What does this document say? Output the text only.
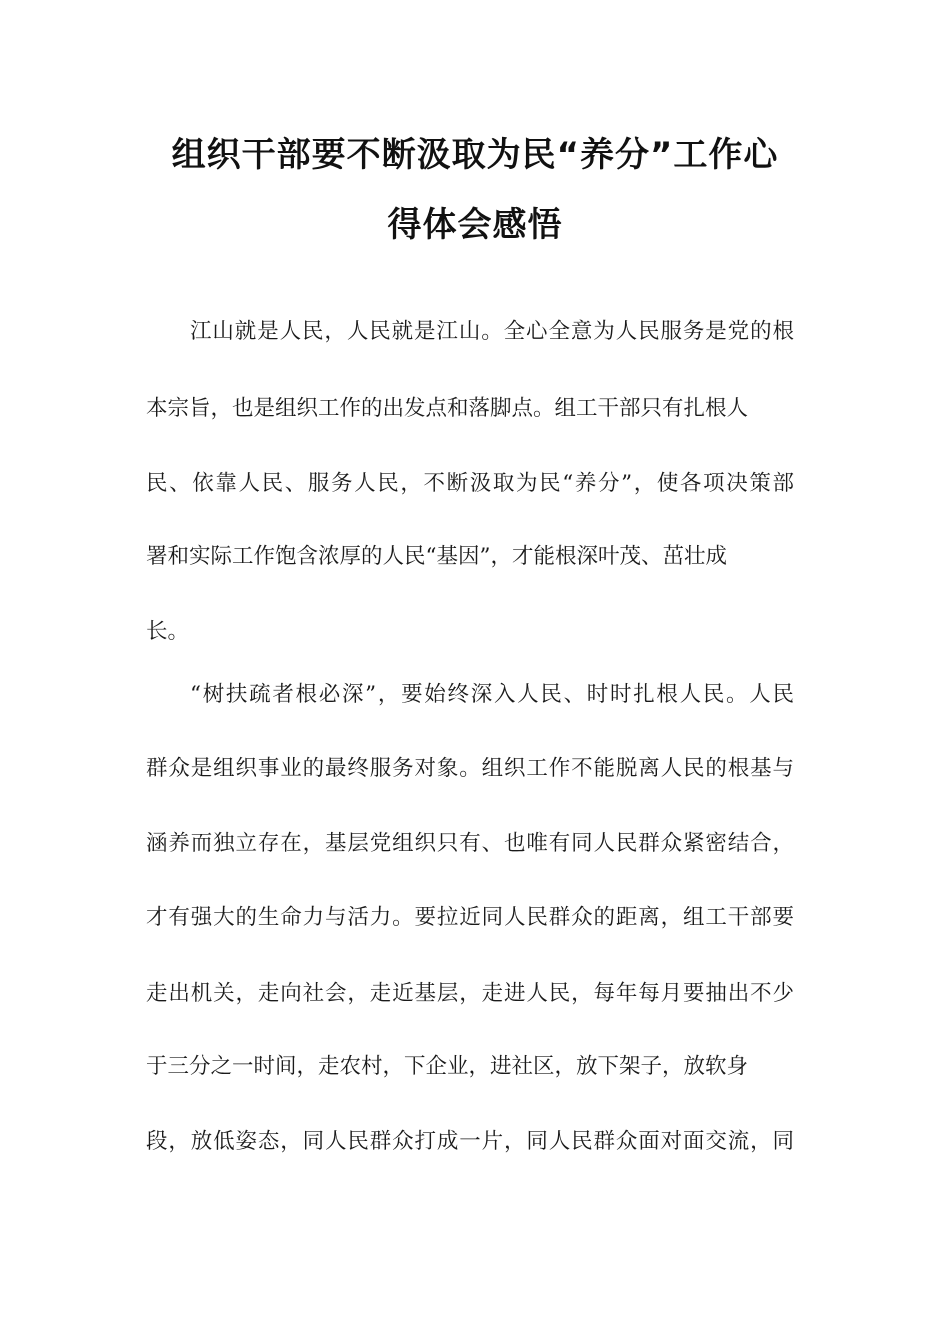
组织干部要不断汲取为民“养分”工作心
得体会感悟
江山就是人民，人民就是江山。全心全意为人民服务是党的根
本宗旨，也是组织工作的出发点和落脚点。组工干部只有扎根人
民、依靠人民、服务人民，不断汲取为民“养分”，使各项决策部
署和实际工作饱含浓厚的人民“基因”，才能根深叶茂、茁壮成
长。
“树扶疏者根必深”，要始终深入人民、时时扎根人民。人民
群众是组织事业的最终服务对象。组织工作不能脱离人民的根基与
涵养而独立存在，基层党组织只有、也唯有同人民群众紧密结合，
才有强大的生命力与活力。要拉近同人民群众的距离，组工干部要
走出机关，走向社会，走近基层，走进人民，每年每月要抽出不少
于三分之一时间，走农村，下企业，进社区，放下架子，放软身
段，放低姿态，同人民群众打成一片，同人民群众面对面交流，同
